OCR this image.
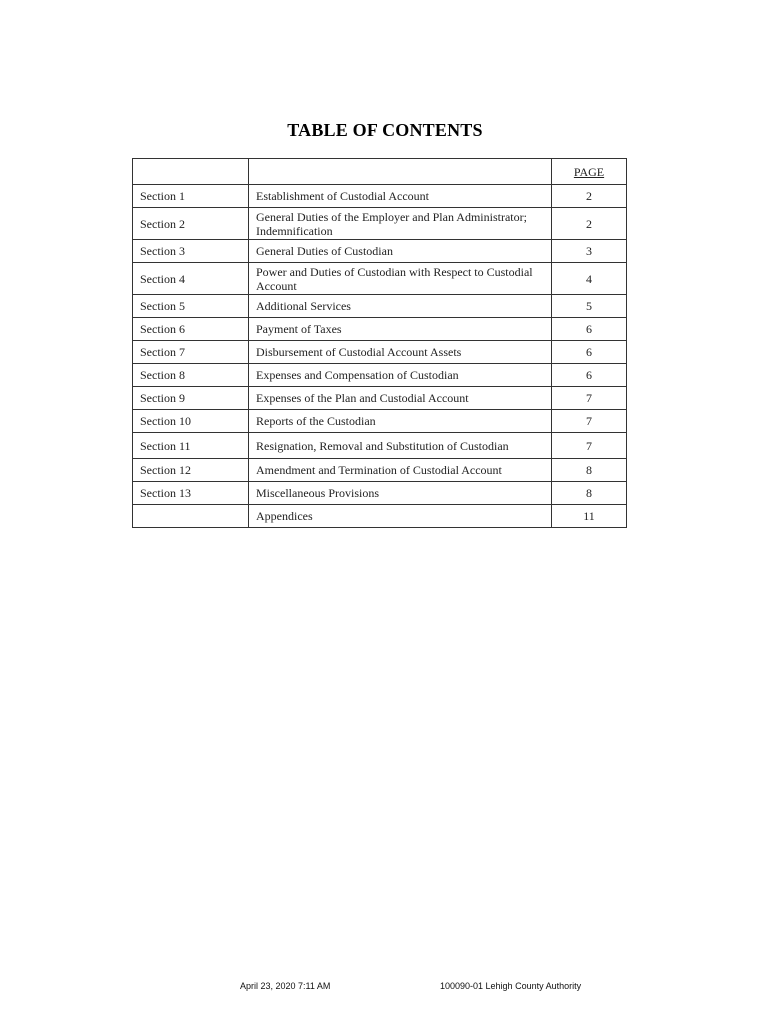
TABLE OF CONTENTS
		PAGE
Section 1	Establishment of Custodial Account	2
Section 2	General Duties of the Employer and Plan Administrator; Indemnification	2
Section 3	General Duties of Custodian	3
Section 4	Power and Duties of Custodian with Respect to Custodial Account	4
Section 5	Additional Services	5
Section 6	Payment of Taxes	6
Section 7	Disbursement of Custodial Account Assets	6
Section 8	Expenses and Compensation of Custodian	6
Section 9	Expenses of the Plan and Custodial Account	7
Section 10	Reports of the Custodian	7
Section 11	Resignation, Removal and Substitution of Custodian	7
Section 12	Amendment and Termination of Custodial Account	8
Section 13	Miscellaneous Provisions	8
	Appendices	11
April 23, 2020 7:11 AM	100090-01 Lehigh County Authority
